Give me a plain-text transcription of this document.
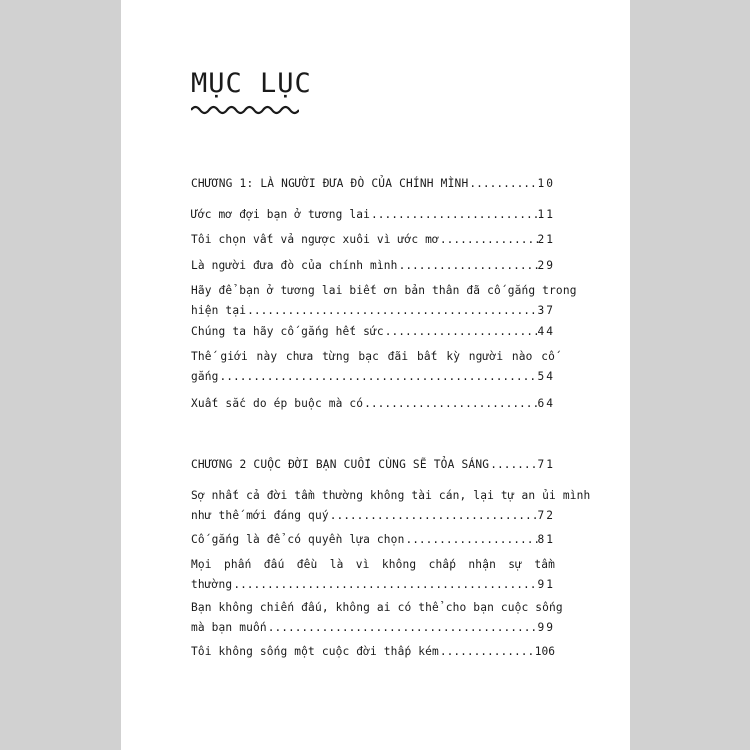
MỤC LỤC
CHƯƠNG 1: LÀ NGƯỜI ĐƯA ĐÒ CỦA CHÍNH MÌNH .....	10
Ước mơ đợi bạn ở tương lai .....	11
Tôi chọn vất vả ngược xuôi vì ước mơ .....	21
Là người đưa đò của chính mình .....	29
Hãy để bạn ở tương lai biết ơn bản thân đã cố gắng trong
hiện tại .....	37
Chúng ta hãy cố gắng hết sức .....	44
Thế giới này chưa từng bạc đãi bất kỳ người nào cố
gắng .....	54
Xuất sắc do ép buộc mà có .....	64
CHƯƠNG 2 CUỘC ĐỜI BẠN CUỐI CÙNG SẼ TỎA SÁNG .....	71
Sợ nhất cả đời tầm thường không tài cán, lại tự an ủi mình
như thế mới đáng quý .....	72
Cố gắng là để có quyền lựa chọn .....	81
Mọi phấn đấu đều là vì không chấp nhận sự tầm
thường .....	91
Bạn không chiến đấu, không ai có thể cho bạn cuộc sống
mà bạn muốn .....	99
Tôi không sống một cuộc đời thấp kém .....	106
